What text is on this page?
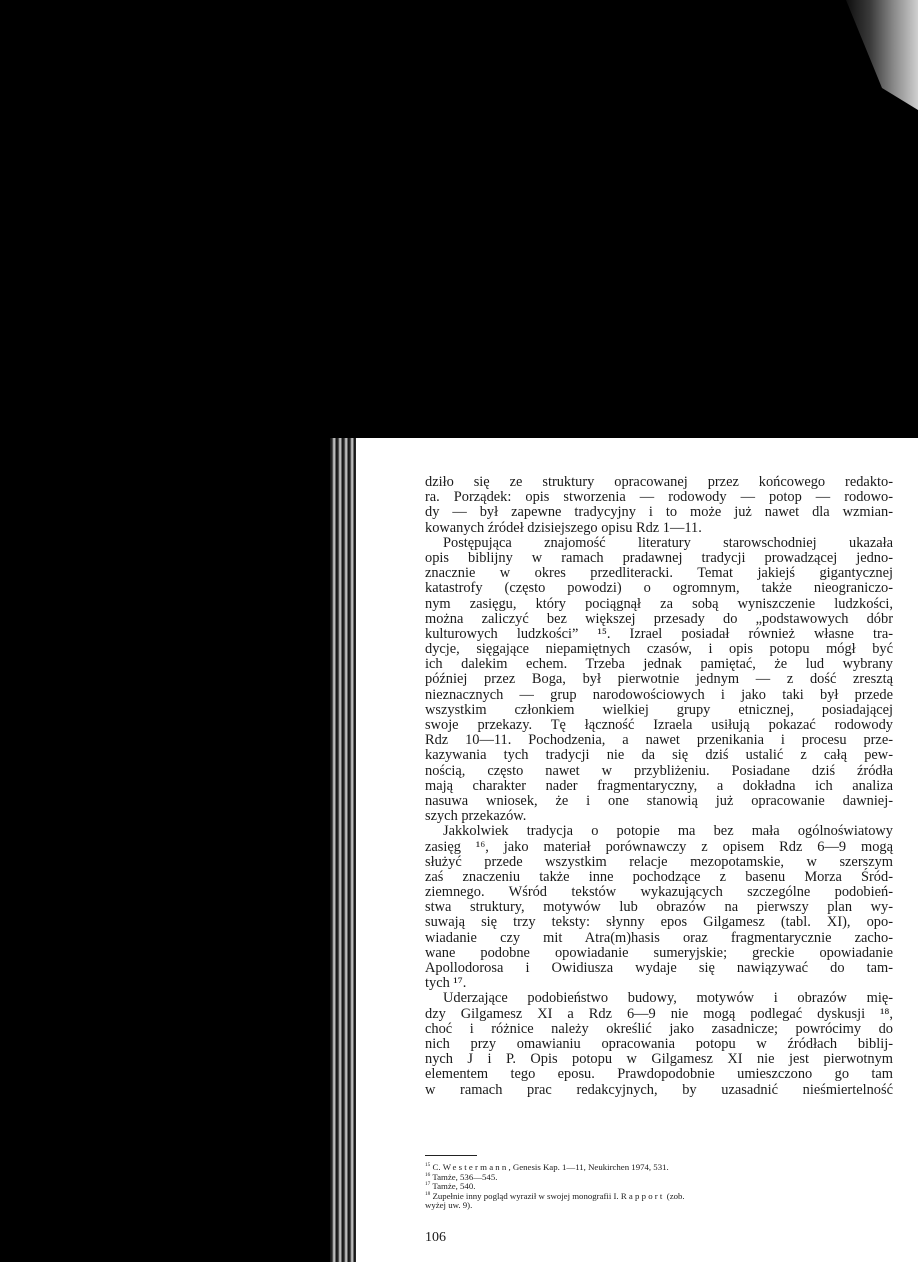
dziło się ze struktury opracowanej przez końcowego redakto-
ra. Porządek: opis stworzenia — rodowody — potop — rodowo-
dy — był zapewne tradycyjny i to może już nawet dla wzmian-
kowanych źródeł dzisiejszego opisu Rdz 1—11.
Postępująca znajomość literatury starowschodniej ukazała
opis biblijny w ramach pradawnej tradycji prowadzącej jedno-
znacznie w okres przedliteracki. Temat jakiejś gigantycznej
katastrofy (często powodzi) o ogromnym, także nieograniczo-
nym zasięgu, który pociągnął za sobą wyniszczenie ludzkości,
można zaliczyć bez większej przesady do „podstawowych dóbr
kulturowych ludzkości” ¹⁵. Izrael posiadał również własne tra-
dycje, sięgające niepamiętnych czasów, i opis potopu mógł być
ich dalekim echem. Trzeba jednak pamiętać, że lud wybrany
później przez Boga, był pierwotnie jednym — z dość zresztą
nieznacznych — grup narodowościowych i jako taki był przede
wszystkim członkiem wielkiej grupy etnicznej, posiadającej
swoje przekazy. Tę łączność Izraela usiłują pokazać rodowody
Rdz 10—11. Pochodzenia, a nawet przenikania i procesu prze-
kazywania tych tradycji nie da się dziś ustalić z całą pew-
nością, często nawet w przybliżeniu. Posiadane dziś źródła
mają charakter nader fragmentaryczny, a dokładna ich analiza
nasuwa wniosek, że i one stanowią już opracowanie dawniej-
szych przekazów.
Jakkolwiek tradycja o potopie ma bez mała ogólnoświatowy
zasięg ¹⁶, jako materiał porównawczy z opisem Rdz 6—9 mogą
służyć przede wszystkim relacje mezopotamskie, w szerszym
zaś znaczeniu także inne pochodzące z basenu Morza Śród-
ziemnego. Wśród tekstów wykazujących szczególne podobień-
stwa struktury, motywów lub obrazów na pierwszy plan wy-
suwają się trzy teksty: słynny epos Gilgamesz (tabl. XI), opo-
wiadanie czy mit Atra(m)hasis oraz fragmentarycznie zacho-
wane podobne opowiadanie sumeryjskie; greckie opowiadanie
Apollodorosa i Owidiusza wydaje się nawiązywać do tam-
tych ¹⁷.
Uderzające podobieństwo budowy, motywów i obrazów mię-
dzy Gilgamesz XI a Rdz 6—9 nie mogą podlegać dyskusji ¹⁸,
choć i różnice należy określić jako zasadnicze; powrócimy do
nich przy omawianiu opracowania potopu w źródłach biblij-
nych J i P. Opis potopu w Gilgamesz XI nie jest pierwotnym
elementem tego eposu. Prawdopodobnie umieszczono go tam
w ramach prac redakcyjnych, by uzasadnić nieśmiertelność
$^{15}$ C. Westermann, Genesis Kap. 1—11, Neukirchen 1974, 531.
$^{16}$ Tamże, 536—545.
$^{17}$ Tamże, 540.
$^{18}$ Zupełnie inny pogląd wyraził w swojej monografii I. Rapport (zob.
wyżej uw. 9).
106
